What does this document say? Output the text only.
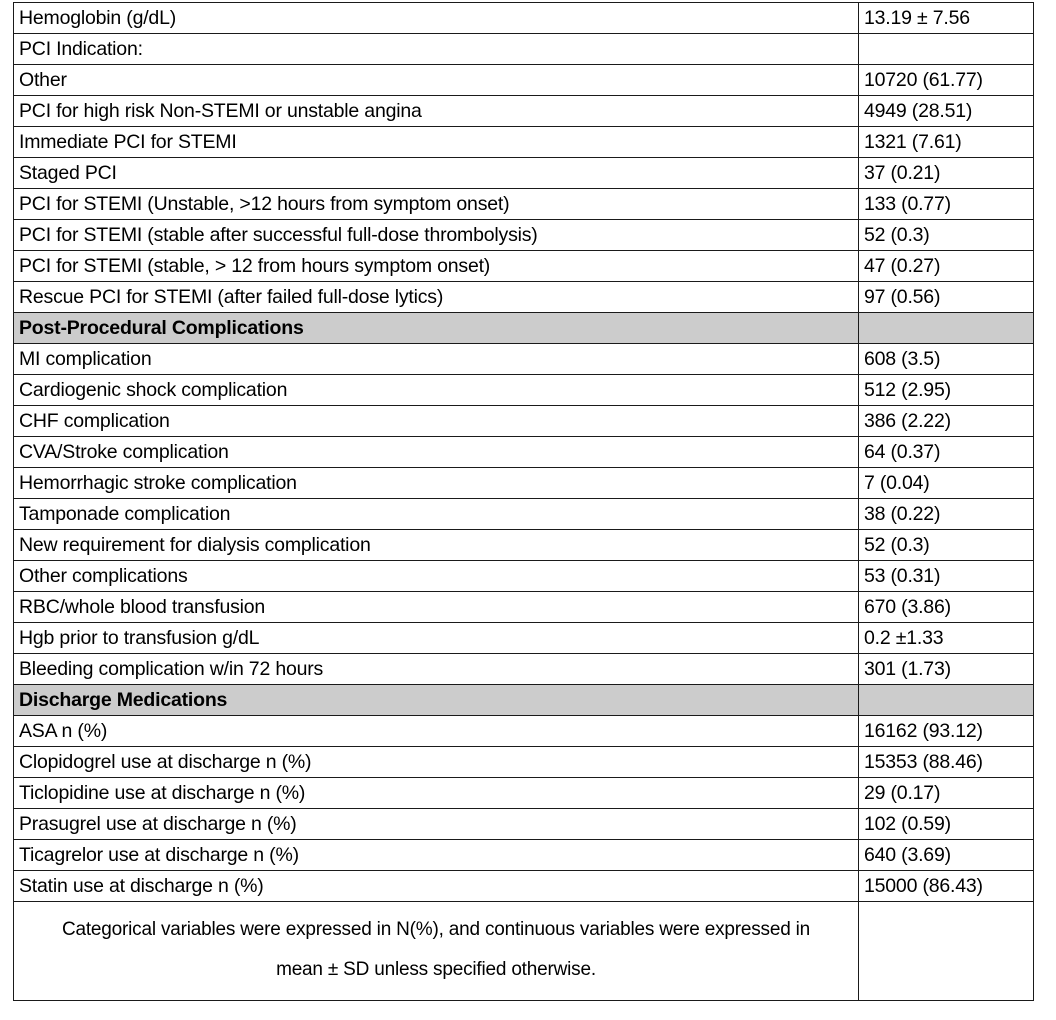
Hemoglobin (g/dL)	13.19 ± 7.56
PCI Indication:	
Other	10720 (61.77)
PCI for high risk Non-STEMI or unstable angina	4949 (28.51)
Immediate PCI for STEMI	1321 (7.61)
Staged PCI	37 (0.21)
PCI for STEMI (Unstable, >12 hours from symptom onset)	133 (0.77)
PCI for STEMI (stable after successful full-dose thrombolysis)	52 (0.3)
PCI for STEMI (stable, > 12 from hours symptom onset)	47 (0.27)
Rescue PCI for STEMI (after failed full-dose lytics)	97 (0.56)
Post-Procedural Complications	
MI complication	608 (3.5)
Cardiogenic shock complication	512 (2.95)
CHF complication	386 (2.22)
CVA/Stroke complication	64 (0.37)
Hemorrhagic stroke complication	7 (0.04)
Tamponade complication	38 (0.22)
New requirement for dialysis complication	52 (0.3)
Other complications	53 (0.31)
RBC/whole blood transfusion	670 (3.86)
Hgb prior to transfusion g/dL	0.2 ±1.33
Bleeding complication w/in 72 hours	301 (1.73)
Discharge Medications	
ASA n (%)	16162 (93.12)
Clopidogrel use at discharge n (%)	15353 (88.46)
Ticlopidine use at discharge n (%)	29 (0.17)
Prasugrel use at discharge n (%)	102 (0.59)
Ticagrelor use at discharge n (%)	640 (3.69)
Statin use at discharge n (%)	15000 (86.43)
Categorical variables were expressed in N(%), and continuous variables were expressed in mean ± SD unless specified otherwise.	
